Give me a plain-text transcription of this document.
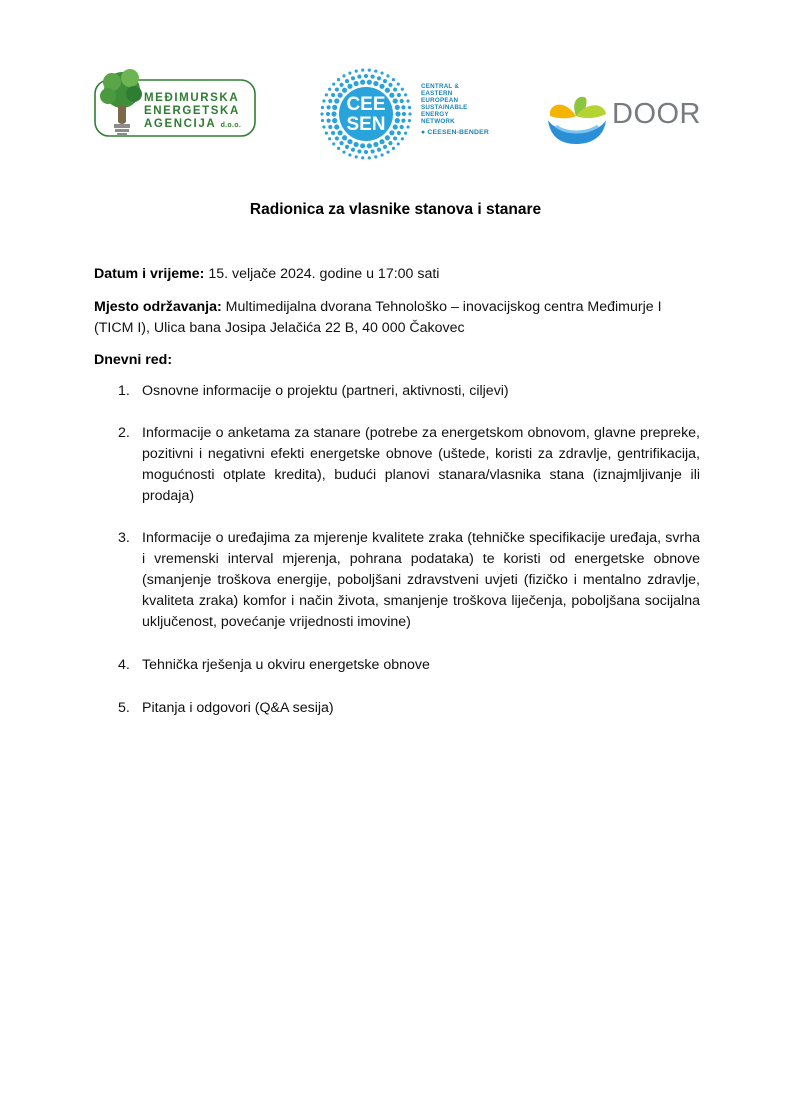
MEĐIMURSKA
ENERGETSKA
AGENCIJA d.o.o.
CEE
SEN
CENTRAL &
EASTERN
EUROPEAN
SUSTAINABLE
ENERGY
NETWORK
● CEESEN-BENDER
DOOR
Radionica za vlasnike stanova i stanare
Datum i vrijeme: 15. veljače 2024. godine u 17:00 sati
Mjesto održavanja: Multimedijalna dvorana Tehnološko – inovacijskog centra Međimurje I
(TICM I), Ulica bana Josipa Jelačića 22 B, 40 000 Čakovec
Dnevni red:
1. Osnovne informacije o projektu (partneri, aktivnosti, ciljevi)
2. Informacije o anketama za stanare (potrebe za energetskom obnovom, glavne prepreke, pozitivni i negativni efekti energetske obnove (uštede, koristi za zdravlje, gentrifikacija, mogućnosti otplate kredita), budući planovi stanara/vlasnika stana (iznajmljivanje ili prodaja)
3. Informacije o uređajima za mjerenje kvalitete zraka (tehničke specifikacije uređaja, svrha i vremenski interval mjerenja, pohrana podataka) te koristi od energetske obnove (smanjenje troškova energije, poboljšani zdravstveni uvjeti (fizičko i mentalno zdravlje, kvaliteta zraka) komfor i način života, smanjenje troškova liječenja, poboljšana socijalna uključenost, povećanje vrijednosti imovine)
4. Tehnička rješenja u okviru energetske obnove
5. Pitanja i odgovori (Q&A sesija)
